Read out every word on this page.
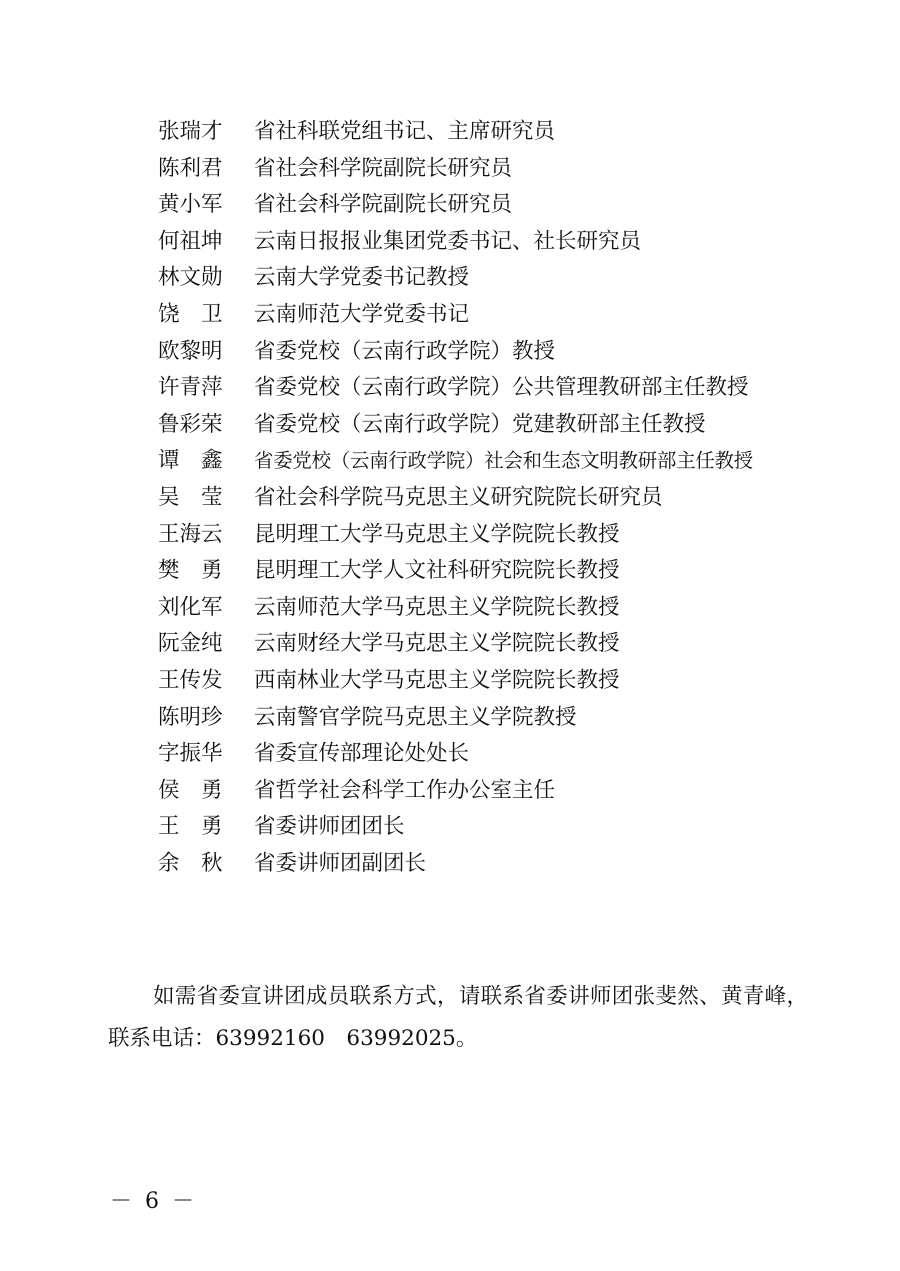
张瑞才 省社科联党组书记、主席研究员
陈利君 省社会科学院副院长研究员
黄小军 省社会科学院副院长研究员
何祖坤 云南日报报业集团党委书记、社长研究员
林文勋 云南大学党委书记教授
饶　卫 云南师范大学党委书记
欧黎明 省委党校（云南行政学院）教授
许青萍 省委党校（云南行政学院）公共管理教研部主任教授
鲁彩荣 省委党校（云南行政学院）党建教研部主任教授
谭　鑫 省委党校（云南行政学院）社会和生态文明教研部主任教授
吴　莹 省社会科学院马克思主义研究院院长研究员
王海云 昆明理工大学马克思主义学院院长教授
樊　勇 昆明理工大学人文社科研究院院长教授
刘化军 云南师范大学马克思主义学院院长教授
阮金纯 云南财经大学马克思主义学院院长教授
王传发 西南林业大学马克思主义学院院长教授
陈明珍 云南警官学院马克思主义学院教授
字振华 省委宣传部理论处处长
侯　勇 省哲学社会科学工作办公室主任
王　勇 省委讲师团团长
余　秋 省委讲师团副团长

如需省委宣讲团成员联系方式，请联系省委讲师团张斐然、黄青峰，联系电话：63992160　63992025。

－ 6 －
